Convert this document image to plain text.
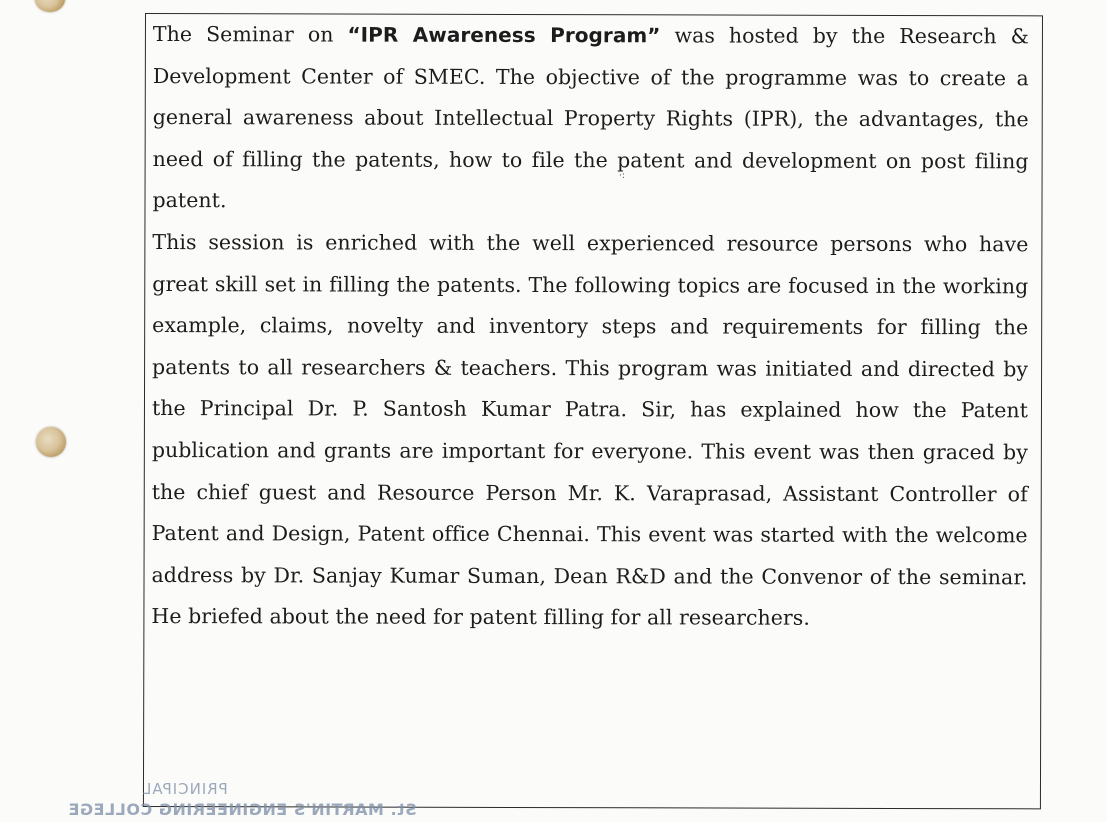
The Seminar on “IPR Awareness Program” was hosted by the Research & Development Center of SMEC. The objective of the programme was to create a general awareness about Intellectual Property Rights (IPR), the advantages, the need of filling the patents, how to file the patent and development on post filing patent.

This session is enriched with the well experienced resource persons who have great skill set in filling the patents. The following topics are focused in the working example, claims, novelty and inventory steps and requirements for filling the patents to all researchers & teachers. This program was initiated and directed by the Principal Dr. P. Santosh Kumar Patra. Sir, has explained how the Patent publication and grants are important for everyone. This event was then graced by the chief guest and Resource Person Mr. K. Varaprasad, Assistant Controller of Patent and Design, Patent office Chennai. This event was started with the welcome address by Dr. Sanjay Kumar Suman, Dean R&D and the Convenor of the seminar. He briefed about the need for patent filling for all researchers.

·:
PRINCIPAL
St. MARTIN'S ENGINEERING COLLEGE
